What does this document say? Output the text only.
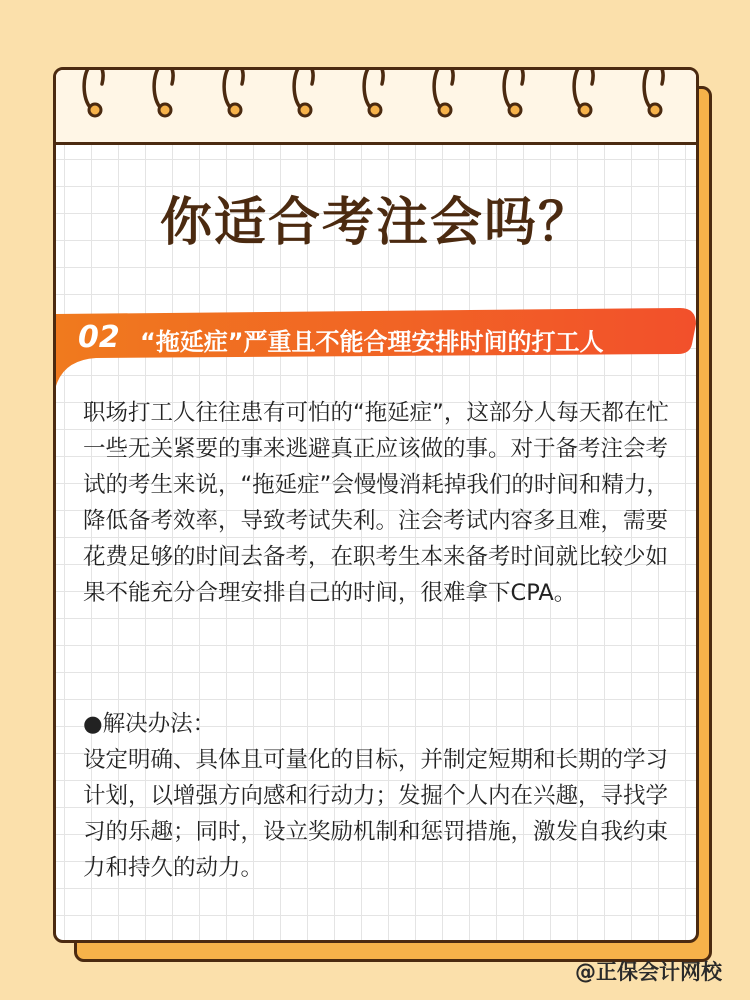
你适合考注会吗？
02 “拖延症”严重且不能合理安排时间的打工人

职场打工人往往患有可怕的“拖延症”，这部分人每天都在忙一些无关紧要的事来逃避真正应该做的事。对于备考注会考试的考生来说，“拖延症”会慢慢消耗掉我们的时间和精力，降低备考效率，导致考试失利。注会考试内容多且难，需要花费足够的时间去备考，在职考生本来备考时间就比较少如果不能充分合理安排自己的时间，很难拿下CPA。

●解决办法：

设定明确、具体且可量化的目标，并制定短期和长期的学习计划，以增强方向感和行动力；发掘个人内在兴趣，寻找学习的乐趣；同时，设立奖励机制和惩罚措施，激发自我约束力和持久的动力。

@正保会计网校
